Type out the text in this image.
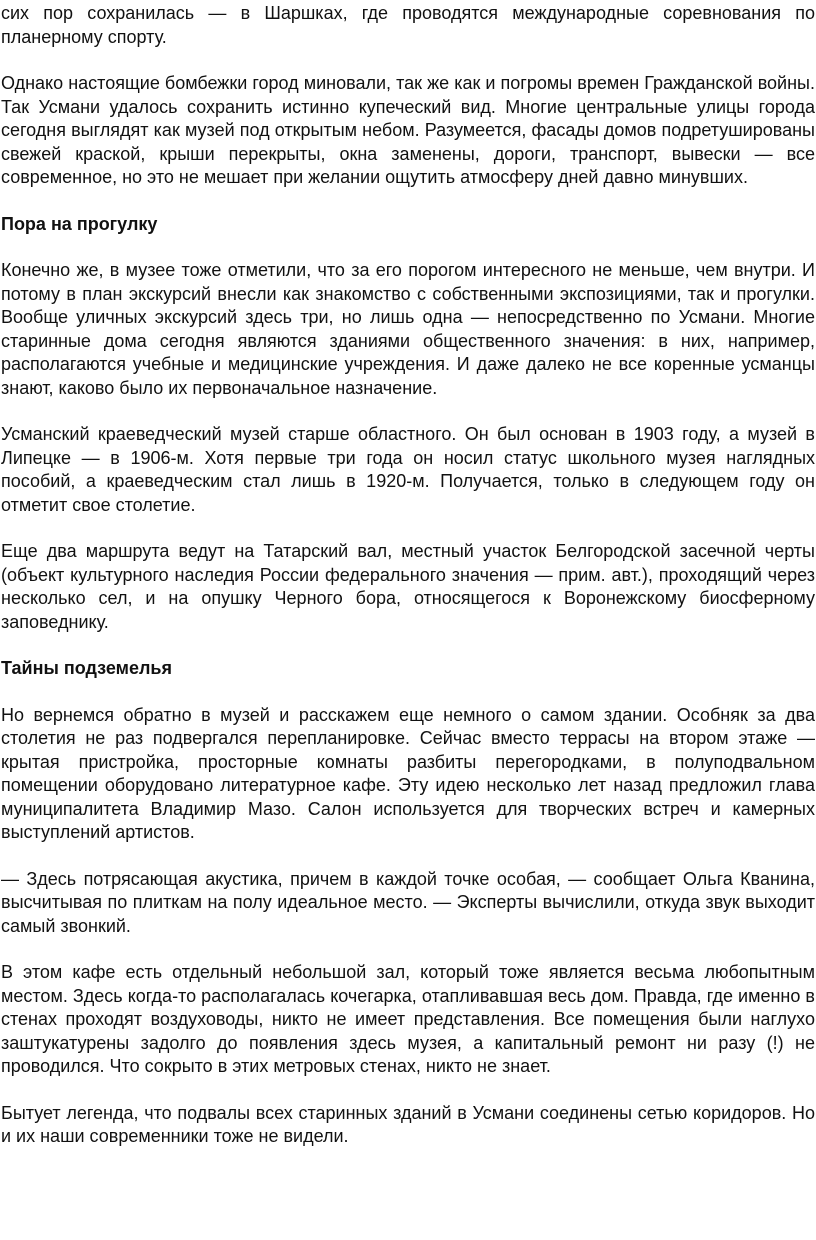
сих пор сохранилась — в Шаршках, где проводятся международные соревнования по планерному спорту.

Однако настоящие бомбежки город миновали, так же как и погромы времен Гражданской войны. Так Усмани удалось сохранить истинно купеческий вид. Многие центральные улицы города сегодня выглядят как музей под открытым небом. Разумеется, фасады домов подретушированы свежей краской, крыши перекрыты, окна заменены, дороги, транспорт, вывески — все современное, но это не мешает при желании ощутить атмосферу дней давно минувших.

Пора на прогулку

Конечно же, в музее тоже отметили, что за его порогом интересного не меньше, чем внутри. И потому в план экскурсий внесли как знакомство с собственными экспозициями, так и прогулки. Вообще уличных экскурсий здесь три, но лишь одна — непосредственно по Усмани. Многие старинные дома сегодня являются зданиями общественного значения: в них, например, располагаются учебные и медицинские учреждения. И даже далеко не все коренные усманцы знают, каково было их первоначальное назначение.

Усманский краеведческий музей старше областного. Он был основан в 1903 году, а музей в Липецке — в 1906-м. Хотя первые три года он носил статус школьного музея наглядных пособий, а краеведческим стал лишь в 1920-м. Получается, только в следующем году он отметит свое столетие.

Еще два маршрута ведут на Татарский вал, местный участок Белгородской засечной черты (объект культурного наследия России федерального значения — прим. авт.), проходящий через несколько сел, и на опушку Черного бора, относящегося к Воронежскому биосферному заповеднику.

Тайны подземелья

Но вернемся обратно в музей и расскажем еще немного о самом здании. Особняк за два столетия не раз подвергался перепланировке. Сейчас вместо террасы на втором этаже — крытая пристройка, просторные комнаты разбиты перегородками, в полуподвальном помещении оборудовано литературное кафе. Эту идею несколько лет назад предложил глава муниципалитета Владимир Мазо. Салон используется для творческих встреч и камерных выступлений артистов.

— Здесь потрясающая акустика, причем в каждой точке особая, — сообщает Ольга Кванина, высчитывая по плиткам на полу идеальное место. — Эксперты вычислили, откуда звук выходит самый звонкий.

В этом кафе есть отдельный небольшой зал, который тоже является весьма любопытным местом. Здесь когда-то располагалась кочегарка, отапливавшая весь дом. Правда, где именно в стенах проходят воздуховоды, никто не имеет представления. Все помещения были наглухо заштукатурены задолго до появления здесь музея, а капитальный ремонт ни разу (!) не проводился. Что сокрыто в этих метровых стенах, никто не знает.

Бытует легенда, что подвалы всех старинных зданий в Усмани соединены сетью коридоров. Но и их наши современники тоже не видели.
